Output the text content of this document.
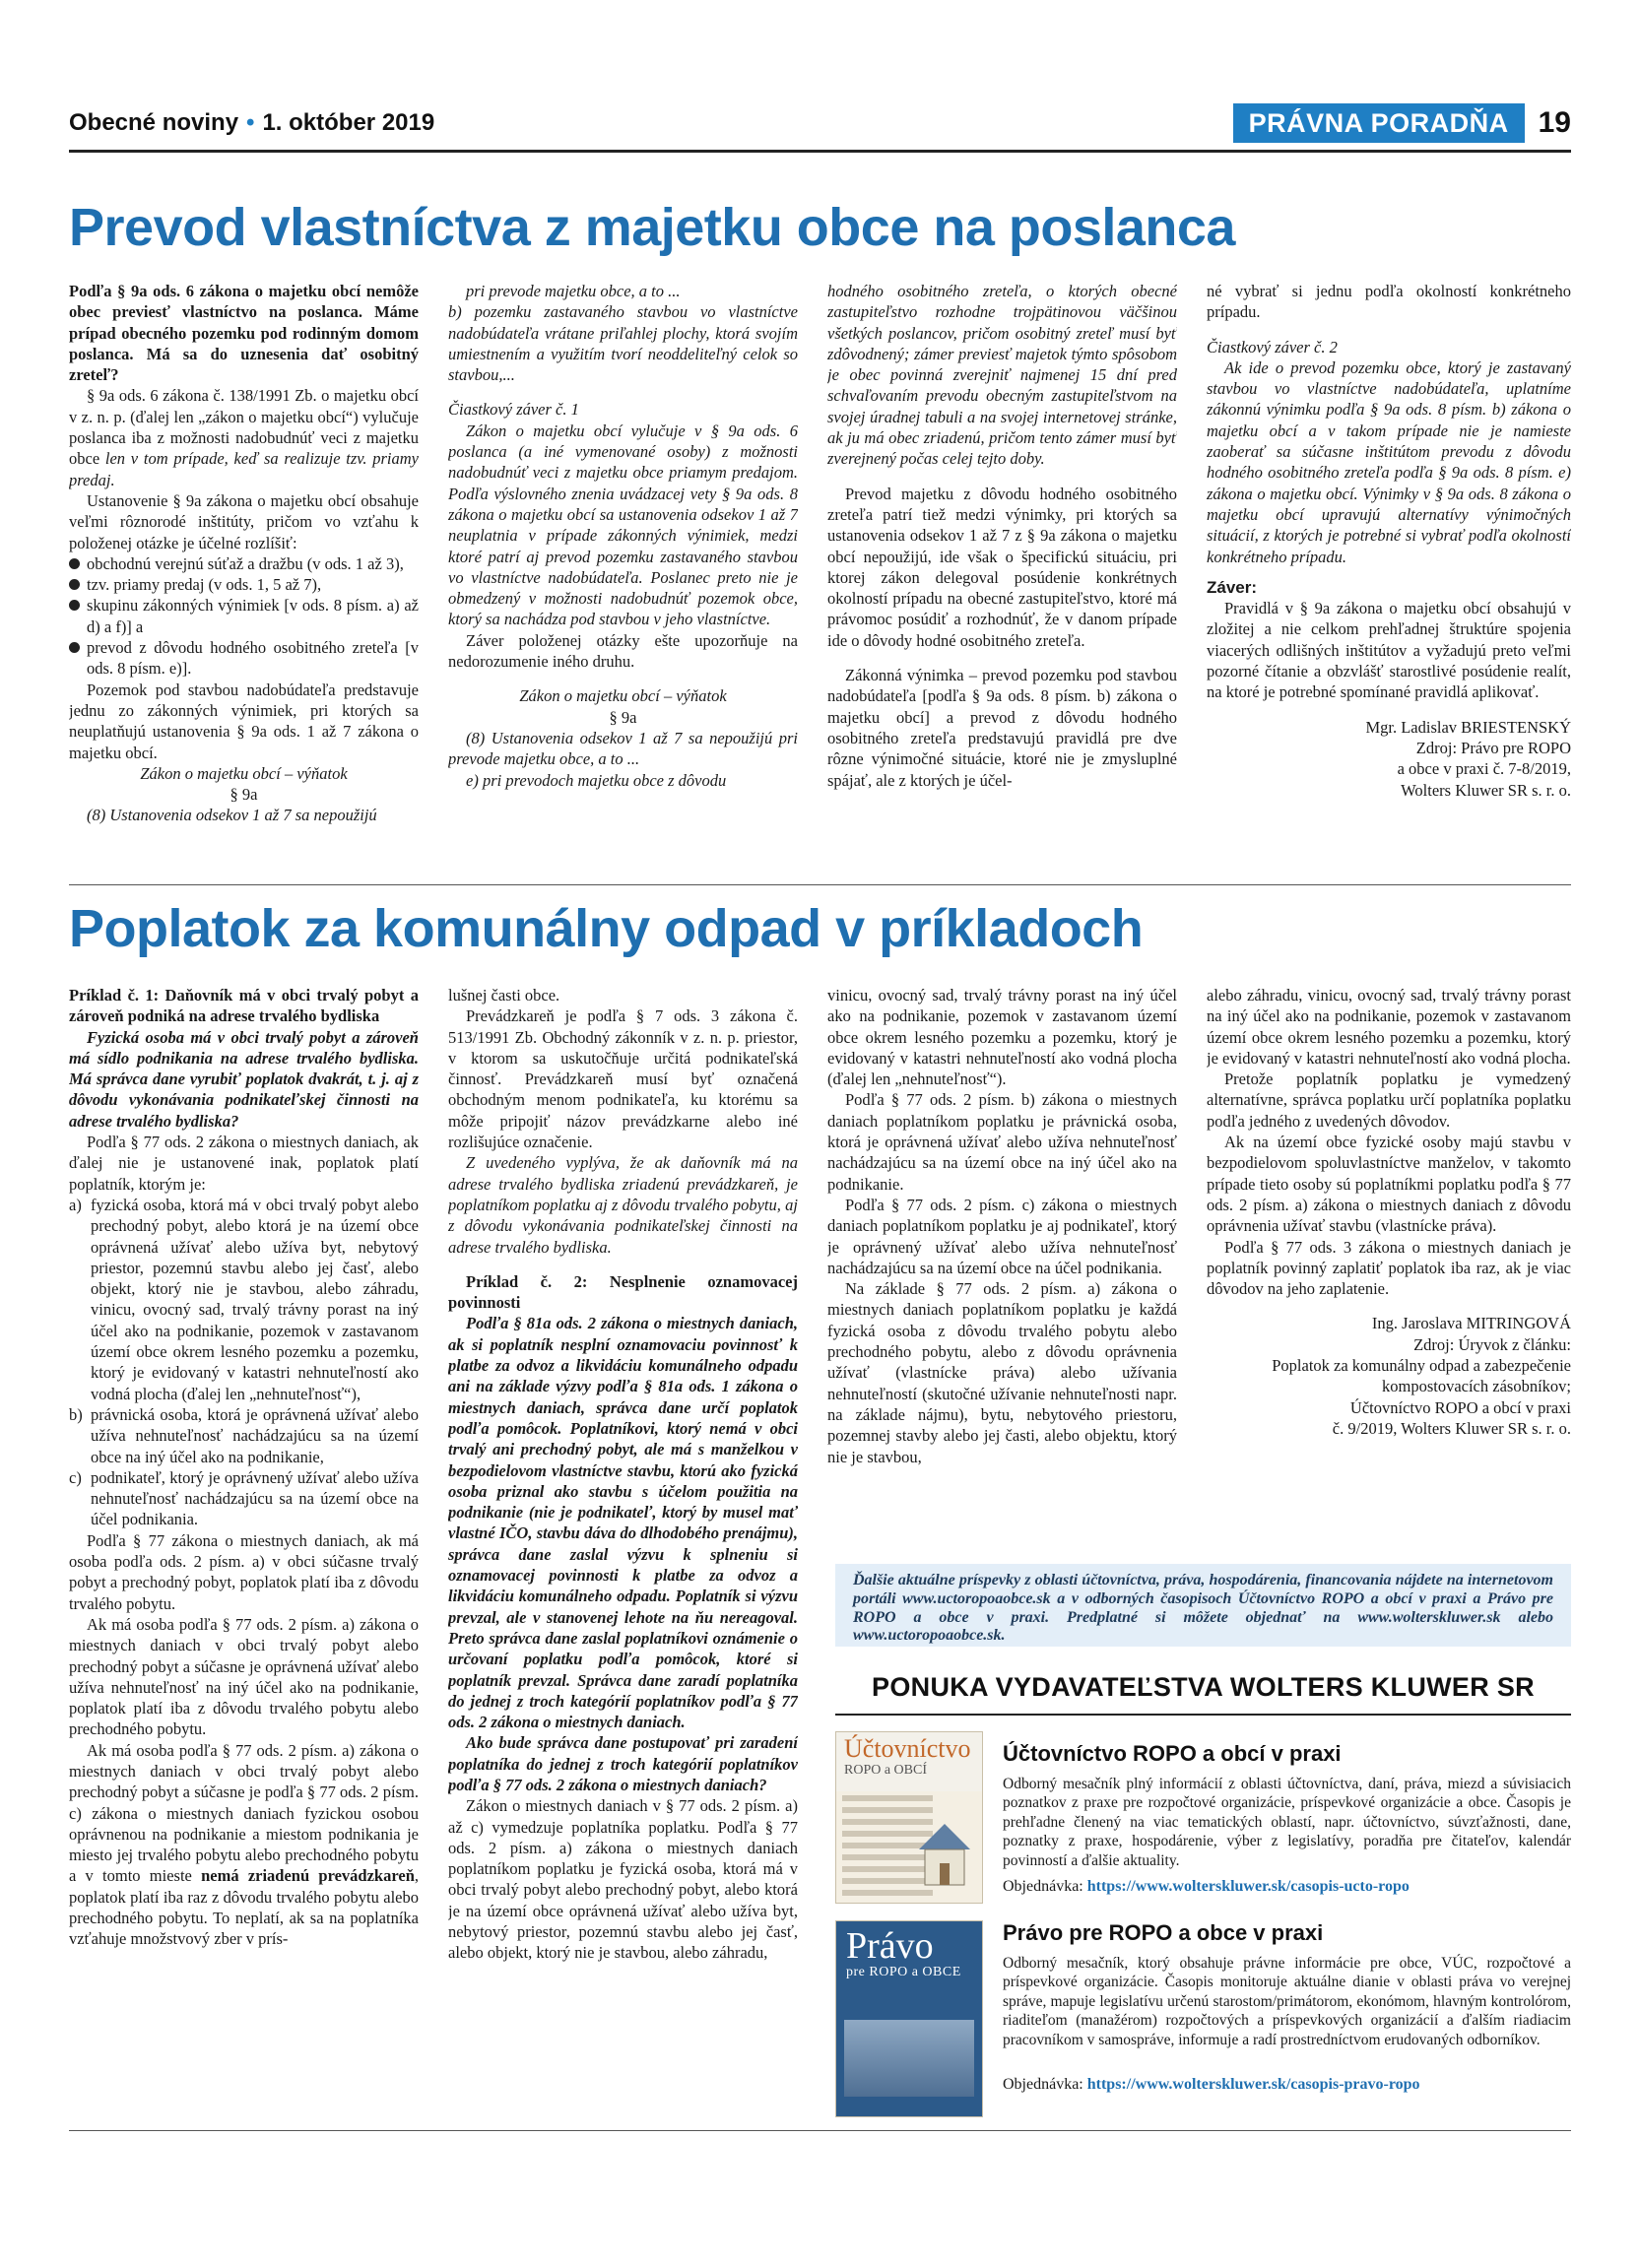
Obecné noviny • 1. október 2019	PRÁVNA PORADŇA	19
Prevod vlastníctva z majetku obce na poslanca

Podľa § 9a ods. 6 zákona o majetku obcí nemôže obec previesť vlastníctvo na poslanca. Máme prípad obecného pozemku pod rodinným domom poslanca. Má sa do uznesenia dať osobitný zreteľ?

§ 9a ods. 6 zákona č. 138/1991 Zb. o majetku obcí v z. n. p. (ďalej len „zákon o majetku obcí“) vylučuje poslanca iba z možnosti nadobudnúť veci z majetku obce len v tom prípade, keď sa realizuje tzv. priamy predaj.

Ustanovenie § 9a zákona o majetku obcí obsahuje veľmi rôznorodé inštitúty, pričom vo vzťahu k položenej otázke je účelné rozlíšiť:

obchodnú verejnú súťaž a dražbu (v ods. 1 až 3),
tzv. priamy predaj (v ods. 1, 5 až 7),
skupinu zákonných výnimiek [v ods. 8 písm. a) až d) a f)] a
prevod z dôvodu hodného osobitného zreteľa [v ods. 8 písm. e)].

Pozemok pod stavbou nadobúdateľa predstavuje jednu zo zákonných výnimiek, pri ktorých sa neuplatňujú ustanovenia § 9a ods. 1 až 7 zákona o majetku obcí.

Zákon o majetku obcí – výňatok

§ 9a

(8) Ustanovenia odsekov 1 až 7 sa nepoužijú

pri prevode majetku obce, a to ...

b) pozemku zastavaného stavbou vo vlastníctve nadobúdateľa vrátane priľahlej plochy, ktorá svojím umiestnením a využitím tvorí neoddeliteľný celok so stavbou,...

Čiastkový záver č. 1

Zákon o majetku obcí vylučuje v § 9a ods. 6 poslanca (a iné vymenované osoby) z možnosti nadobudnúť veci z majetku obce priamym predajom. Podľa výslovného znenia uvádzacej vety § 9a ods. 8 zákona o majetku obcí sa ustanovenia odsekov 1 až 7 neuplatnia v prípade zákonných výnimiek, medzi ktoré patrí aj prevod pozemku zastavaného stavbou vo vlastníctve nadobúdateľa. Poslanec preto nie je obmedzený v možnosti nadobudnúť pozemok obce, ktorý sa nachádza pod stavbou v jeho vlastníctve.

Záver položenej otázky ešte upozorňuje na nedorozumenie iného druhu.

Zákon o majetku obcí – výňatok

§ 9a

(8) Ustanovenia odsekov 1 až 7 sa nepoužijú pri prevode majetku obce, a to ...

e) pri prevodoch majetku obce z dôvodu

hodného osobitného zreteľa, o ktorých obecné zastupiteľstvo rozhodne trojpätinovou väčšinou všetkých poslancov, pričom osobitný zreteľ musí byť zdôvodnený; zámer previesť majetok týmto spôsobom je obec povinná zverejniť najmenej 15 dní pred schvaľovaním prevodu obecným zastupiteľstvom na svojej úradnej tabuli a na svojej internetovej stránke, ak ju má obec zriadenú, pričom tento zámer musí byť zverejnený počas celej tejto doby.

Prevod majetku z dôvodu hodného osobitného zreteľa patrí tiež medzi výnimky, pri ktorých sa ustanovenia odsekov 1 až 7 z § 9a zákona o majetku obcí nepoužijú, ide však o špecifickú situáciu, pri ktorej zákon delegoval posúdenie konkrétnych okolností prípadu na obecné zastupiteľstvo, ktoré má právomoc posúdiť a rozhodnúť, že v danom prípade ide o dôvody hodné osobitného zreteľa.

Zákonná výnimka – prevod pozemku pod stavbou nadobúdateľa [podľa § 9a ods. 8 písm. b) zákona o majetku obcí] a prevod z dôvodu hodného osobitného zreteľa predstavujú pravidlá pre dve rôzne výnimočné situácie, ktoré nie je zmysluplné spájať, ale z ktorých je účel-

né vybrať si jednu podľa okolností konkrétneho prípadu.

Čiastkový záver č. 2

Ak ide o prevod pozemku obce, ktorý je zastavaný stavbou vo vlastníctve nadobúdateľa, uplatníme zákonnú výnimku podľa § 9a ods. 8 písm. b) zákona o majetku obcí a v takom prípade nie je namieste zaoberať sa súčasne inštitútom prevodu z dôvodu hodného osobitného zreteľa podľa § 9a ods. 8 písm. e) zákona o majetku obcí. Výnimky v § 9a ods. 8 zákona o majetku obcí upravujú alternatívy výnimočných situácií, z ktorých je potrebné si vybrať podľa okolností konkrétneho prípadu.

Záver:

Pravidlá v § 9a zákona o majetku obcí obsahujú v zložitej a nie celkom prehľadnej štruktúre spojenia viacerých odlišných inštitútov a vyžadujú preto veľmi pozorné čítanie a obzvlášť starostlivé posúdenie realít, na ktoré je potrebné spomínané pravidlá aplikovať.

Mgr. Ladislav BRIESTENSKÝ

Zdroj: Právo pre ROPO

a obce v praxi č. 7-8/2019,

Wolters Kluwer SR s. r. o.

Poplatok za komunálny odpad v príkladoch

Príklad č. 1: Daňovník má v obci trvalý pobyt a zároveň podniká na adrese trvalého bydliska

Fyzická osoba má v obci trvalý pobyt a zároveň má sídlo podnikania na adrese trvalého bydliska. Má správca dane vyrubiť poplatok dvakrát, t. j. aj z dôvodu vykonávania podnikateľskej činnosti na adrese trvalého bydliska?

Podľa § 77 ods. 2 zákona o miestnych daniach, ak ďalej nie je ustanovené inak, poplatok platí poplatník, ktorým je:

a) fyzická osoba, ktorá má v obci trvalý pobyt alebo prechodný pobyt, alebo ktorá je na území obce oprávnená užívať alebo užíva byt, nebytový priestor, pozemnú stavbu alebo jej časť, alebo objekt, ktorý nie je stavbou, alebo záhradu, vinicu, ovocný sad, trvalý trávny porast na iný účel ako na podnikanie, pozemok v zastavanom území obce okrem lesného pozemku a pozemku, ktorý je evidovaný v katastri nehnuteľností ako vodná plocha (ďalej len „nehnuteľnosť“),
b) právnická osoba, ktorá je oprávnená užívať alebo užíva nehnuteľnosť nachádzajúcu sa na území obce na iný účel ako na podnikanie,
c) podnikateľ, ktorý je oprávnený užívať alebo užíva nehnuteľnosť nachádzajúcu sa na území obce na účel podnikania.

Podľa § 77 zákona o miestnych daniach, ak má osoba podľa ods. 2 písm. a) v obci súčasne trvalý pobyt a prechodný pobyt, poplatok platí iba z dôvodu trvalého pobytu.

Ak má osoba podľa § 77 ods. 2 písm. a) zákona o miestnych daniach v obci trvalý pobyt alebo prechodný pobyt a súčasne je oprávnená užívať alebo užíva nehnuteľnosť na iný účel ako na podnikanie, poplatok platí iba z dôvodu trvalého pobytu alebo prechodného pobytu.

Ak má osoba podľa § 77 ods. 2 písm. a) zákona o miestnych daniach v obci trvalý pobyt alebo prechodný pobyt a súčasne je podľa § 77 ods. 2 písm. c) zákona o miestnych daniach fyzickou osobou oprávnenou na podnikanie a miestom podnikania je miesto jej trvalého pobytu alebo prechodného pobytu a v tomto mieste nemá zriadenú prevádzkareň, poplatok platí iba raz z dôvodu trvalého pobytu alebo prechodného pobytu. To neplatí, ak sa na poplatníka vzťahuje množstvový zber v prís-

lušnej časti obce.

Prevádzkareň je podľa § 7 ods. 3 zákona č. 513/1991 Zb. Obchodný zákonník v z. n. p. priestor, v ktorom sa uskutočňuje určitá podnikateľská činnosť. Prevádzkareň musí byť označená obchodným menom podnikateľa, ku ktorému sa môže pripojiť názov prevádzkarne alebo iné rozlišujúce označenie.

Z uvedeného vyplýva, že ak daňovník má na adrese trvalého bydliska zriadenú prevádzkareň, je poplatníkom poplatku aj z dôvodu trvalého pobytu, aj z dôvodu vykonávania podnikateľskej činnosti na adrese trvalého bydliska.

Príklad č. 2: Nesplnenie oznamovacej povinnosti

Podľa § 81a ods. 2 zákona o miestnych daniach, ak si poplatník nesplní oznamovaciu povinnosť k platbe za odvoz a likvidáciu komunálneho odpadu ani na základe výzvy podľa § 81a ods. 1 zákona o miestnych daniach, správca dane určí poplatok podľa pomôcok. Poplatníkovi, ktorý nemá v obci trvalý ani prechodný pobyt, ale má s manželkou v bezpodielovom vlastníctve stavbu, ktorú ako fyzická osoba priznal ako stavbu s účelom použitia na podnikanie (nie je podnikateľ, ktorý by musel mať vlastné IČO, stavbu dáva do dlhodobého prenájmu), správca dane zaslal výzvu k splneniu si oznamovacej povinnosti k platbe za odvoz a likvidáciu komunálneho odpadu. Poplatník si výzvu prevzal, ale v stanovenej lehote na ňu nereagoval. Preto správca dane zaslal poplatníkovi oznámenie o určovaní poplatku podľa pomôcok, ktoré si poplatník prevzal. Správca dane zaradí poplatníka do jednej z troch kategórií poplatníkov podľa § 77 ods. 2 zákona o miestnych daniach.

Ako bude správca dane postupovať pri zaradení poplatníka do jednej z troch kategórií poplatníkov podľa § 77 ods. 2 zákona o miestnych daniach?

Zákon o miestnych daniach v § 77 ods. 2 písm. a) až c) vymedzuje poplatníka poplatku. Podľa § 77 ods. 2 písm. a) zákona o miestnych daniach poplatníkom poplatku je fyzická osoba, ktorá má v obci trvalý pobyt alebo prechodný pobyt, alebo ktorá je na území obce oprávnená užívať alebo užíva byt, nebytový priestor, pozemnú stavbu alebo jej časť, alebo objekt, ktorý nie je stavbou, alebo záhradu,

vinicu, ovocný sad, trvalý trávny porast na iný účel ako na podnikanie, pozemok v zastavanom území obce okrem lesného pozemku a pozemku, ktorý je evidovaný v katastri nehnuteľností ako vodná plocha (ďalej len „nehnuteľnosť“).

Podľa § 77 ods. 2 písm. b) zákona o miestnych daniach poplatníkom poplatku je právnická osoba, ktorá je oprávnená užívať alebo užíva nehnuteľnosť nachádzajúcu sa na území obce na iný účel ako na podnikanie.

Podľa § 77 ods. 2 písm. c) zákona o miestnych daniach poplatníkom poplatku je aj podnikateľ, ktorý je oprávnený užívať alebo užíva nehnuteľnosť nachádzajúcu sa na území obce na účel podnikania.

Na základe § 77 ods. 2 písm. a) zákona o miestnych daniach poplatníkom poplatku je každá fyzická osoba z dôvodu trvalého pobytu alebo prechodného pobytu, alebo z dôvodu oprávnenia užívať (vlastnícke práva) alebo užívania nehnuteľností (skutočné užívanie nehnuteľnosti napr. na základe nájmu), bytu, nebytového priestoru, pozemnej stavby alebo jej časti, alebo objektu, ktorý nie je stavbou,

alebo záhradu, vinicu, ovocný sad, trvalý trávny porast na iný účel ako na podnikanie, pozemok v zastavanom území obce okrem lesného pozemku a pozemku, ktorý je evidovaný v katastri nehnuteľností ako vodná plocha.

Pretože poplatník poplatku je vymedzený alternatívne, správca poplatku určí poplatníka poplatku podľa jedného z uvedených dôvodov.

Ak na území obce fyzické osoby majú stavbu v bezpodielovom spoluvlastníctve manželov, v takomto prípade tieto osoby sú poplatníkmi poplatku podľa § 77 ods. 2 písm. a) zákona o miestnych daniach z dôvodu oprávnenia užívať stavbu (vlastnícke práva).

Podľa § 77 ods. 3 zákona o miestnych daniach je poplatník povinný zaplatiť poplatok iba raz, ak je viac dôvodov na jeho zaplatenie.

Ing. Jaroslava MITRINGOVÁ

Zdroj: Úryvok z článku:

Poplatok za komunálny odpad a zabezpečenie kompostovacích zásobníkov;

Účtovníctvo ROPO a obcí v praxi

č. 9/2019, Wolters Kluwer SR s. r. o.

Ďalšie aktuálne príspevky z oblasti účtovníctva, práva, hospodárenia, financovania nájdete na internetovom portáli www.uctoropoaobce.sk a v odborných časopisoch Účtovníctvo ROPO a obcí v praxi a Právo pre ROPO a obce v praxi. Predplatné si môžete objednať na www.wolterskluwer.sk alebo www.uctoropoaobce.sk.
PONUKA VYDAVATEĽSTVA WOLTERS KLUWER SR
Účtovníctvo
ROPO a OBCÍ
Účtovníctvo ROPO a obcí v praxi
Odborný mesačník plný informácií z oblasti účtovníctva, daní, práva, miezd a súvisiacich poznatkov z praxe pre rozpočtové organizácie, príspevkové organizácie a obce. Časopis je prehľadne členený na viac tematických oblastí, napr. účtovníctvo, súvzťažnosti, dane, poznatky z praxe, hospodárenie, výber z legislatívy, poradňa pre čitateľov, kalendár povinností a ďalšie aktuality.
Objednávka: https://www.wolterskluwer.sk/casopis-ucto-ropo
Právo
pre ROPO a OBCE
Právo pre ROPO a obce v praxi
Odborný mesačník, ktorý obsahuje právne informácie pre obce, VÚC, rozpočtové a príspevkové organizácie. Časopis monitoruje aktuálne dianie v oblasti práva vo verejnej správe, mapuje legislatívu určenú starostom/primátorom, ekonómom, hlavným kontrolórom, riaditeľom (manažérom) rozpočtových a príspevkových organizácií a ďalším riadiacim pracovníkom v samospráve, informuje a radí prostredníctvom erudovaných odborníkov.
Objednávka: https://www.wolterskluwer.sk/casopis-pravo-ropo
